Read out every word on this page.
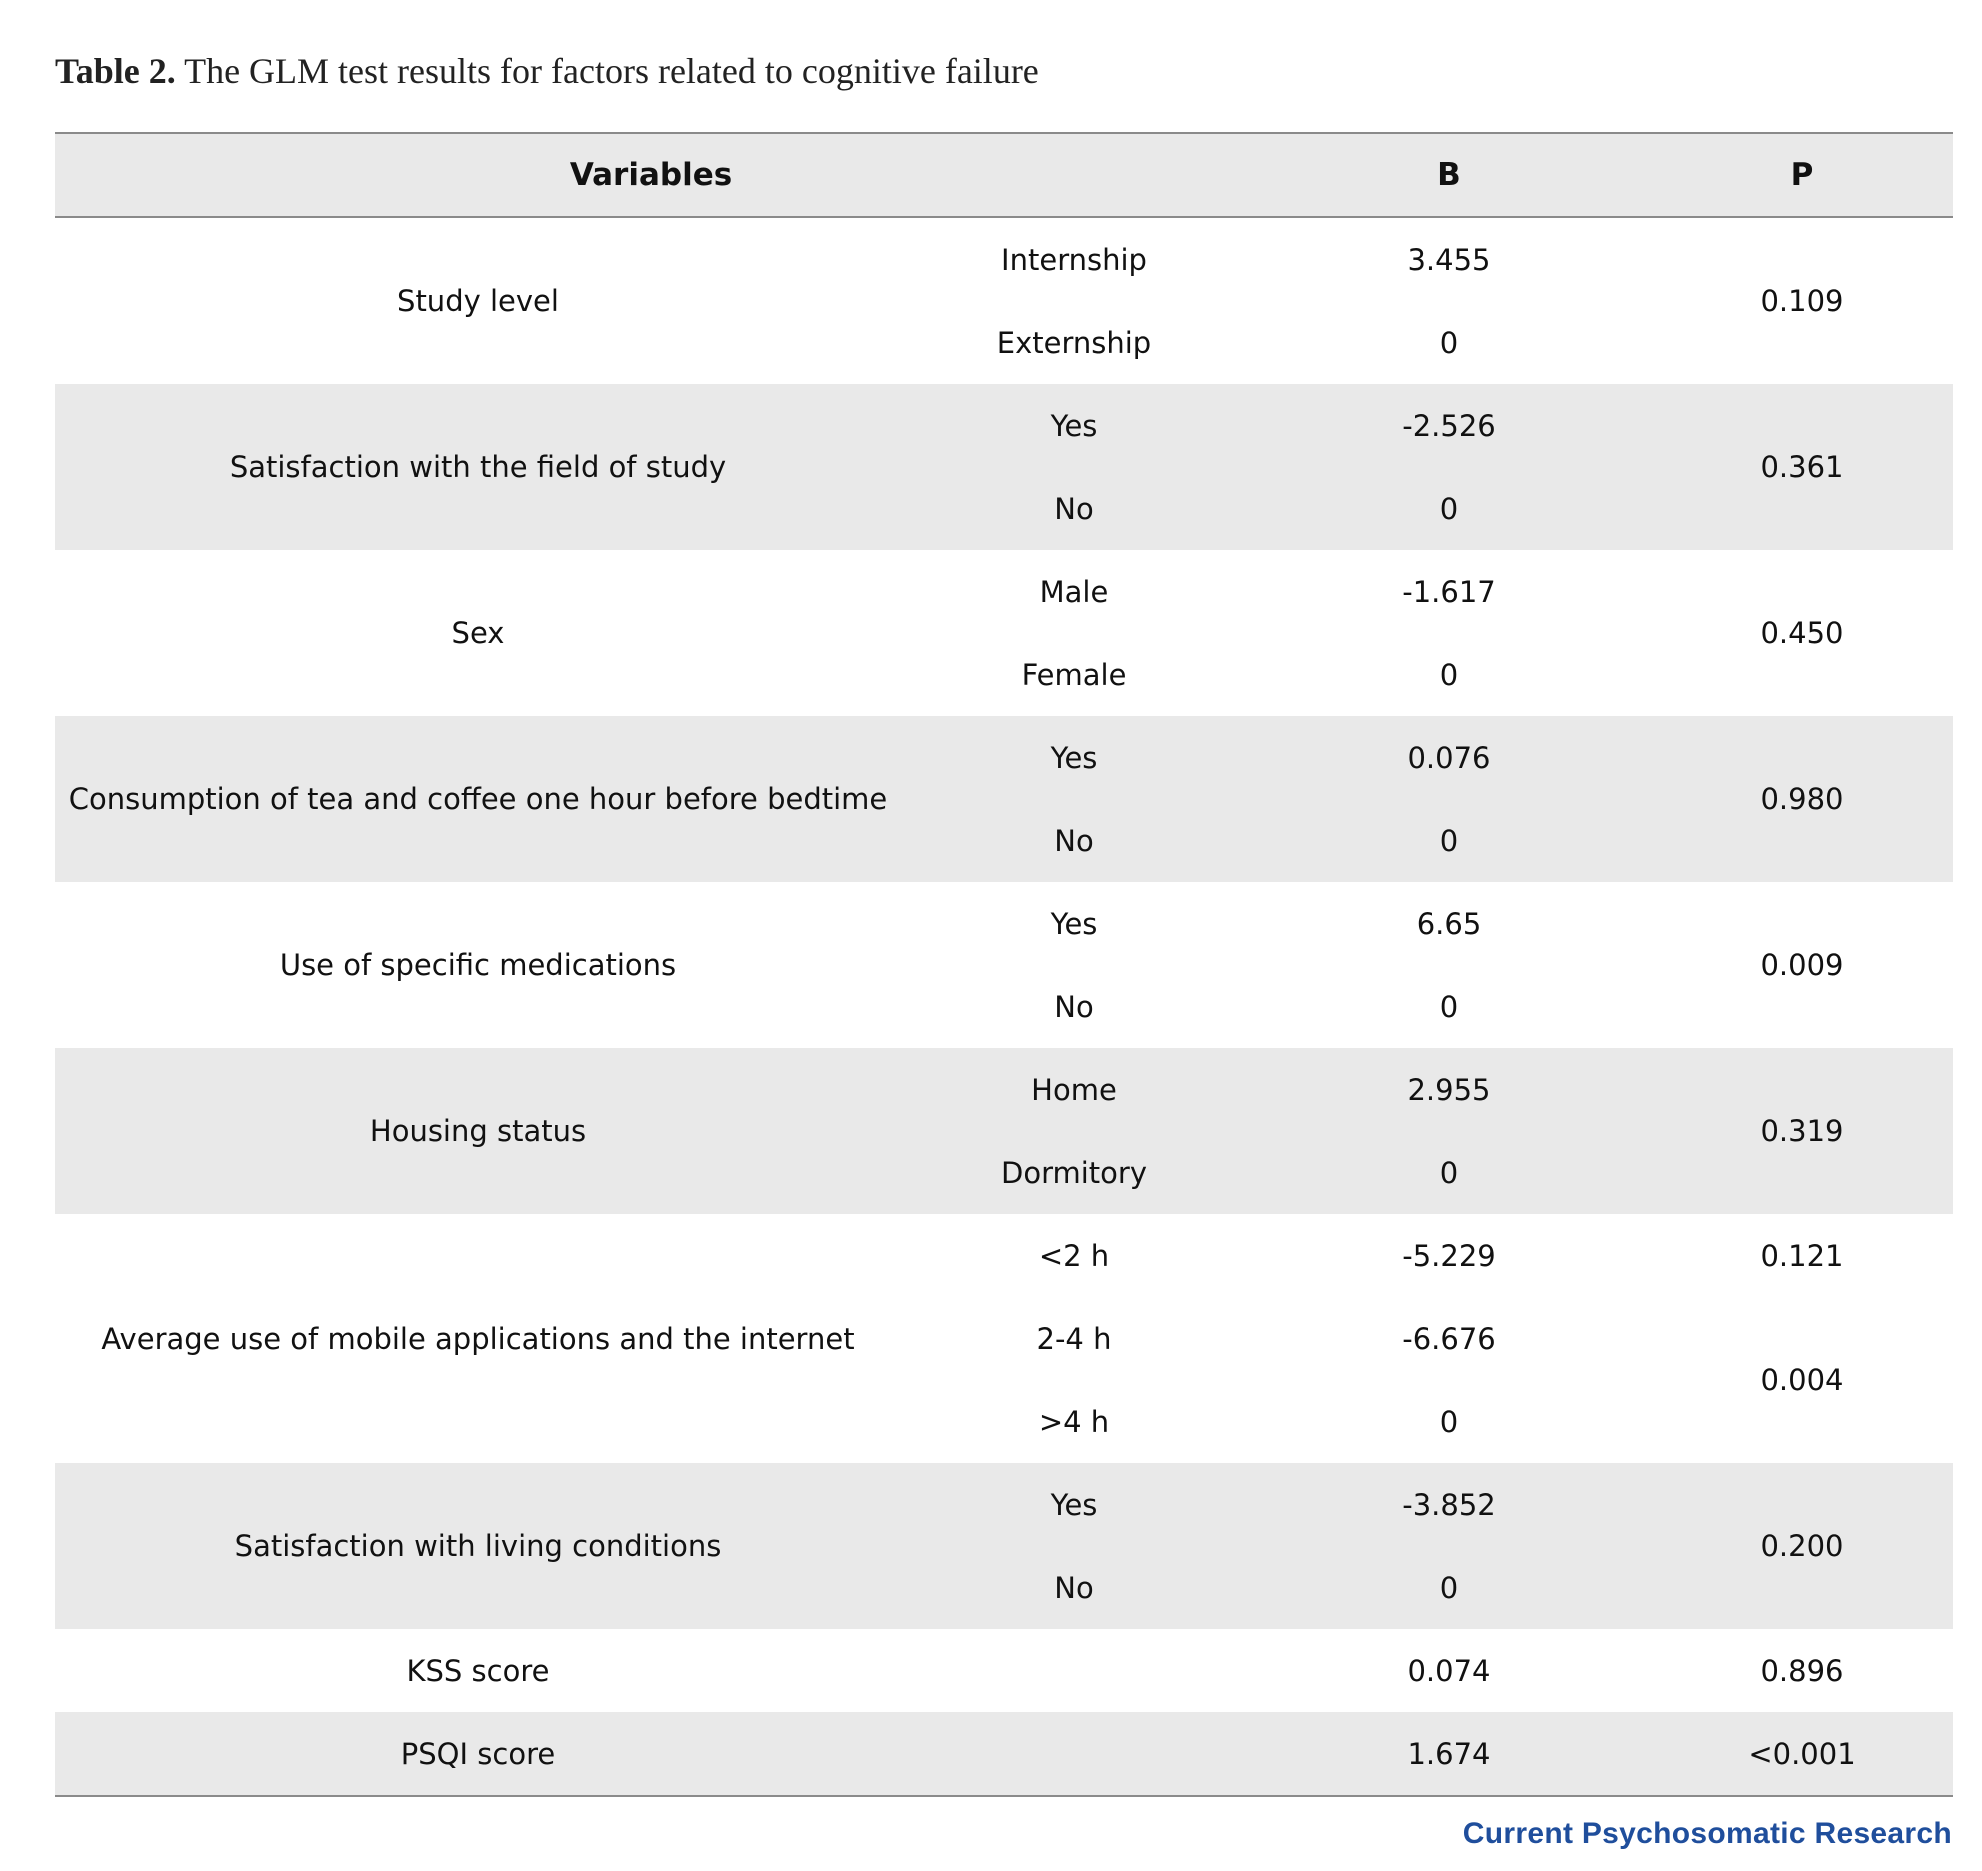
Table 2. The GLM test results for factors related to cognitive failure
Variables		B	P
Study level	Internship	3.455	0.109
	Externship	0	
Satisfaction with the field of study	Yes	-2.526	0.361
	No	0	
Sex	Male	-1.617	0.450
	Female	0	
Consumption of tea and coffee one hour before bedtime	Yes	0.076	0.980
	No	0	
Use of specific medications	Yes	6.65	0.009
	No	0	
Housing status	Home	2.955	0.319
	Dormitory	0	
Average use of mobile applications and the internet	<2 h	-5.229	0.121
	2-4 h	-6.676	0.004
	>4 h	0	
Satisfaction with living conditions	Yes	-3.852	0.200
	No	0	
KSS score		0.074	0.896
PSQI score		1.674	<0.001
Current Psychosomatic Research
